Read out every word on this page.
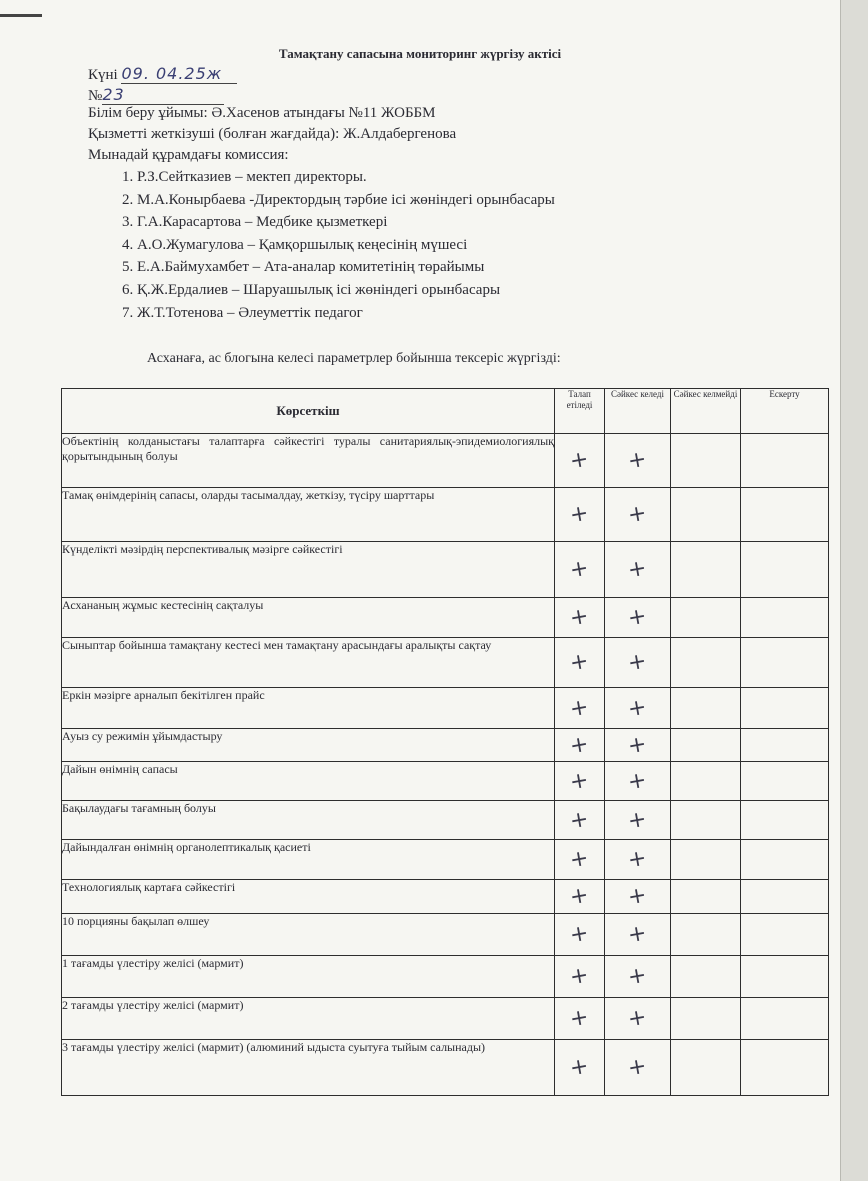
Тамақтану сапасына мониторинг жүргізу актісі
Күні 09. 04.25ж
№23
Білім беру ұйымы: Ә.Хасенов атындағы №11 ЖОББМ
Қызметті жеткізуші (болған жағдайда): Ж.Алдабергенова
Мынадай құрамдағы комиссия:
1. Р.З.Сейтказиев – мектеп директоры.
2. М.А.Конырбаева -Директордың тәрбие ісі жөніндегі орынбасары
3. Г.А.Карасартова – Медбике қызметкері
4. А.О.Жумагулова – Қамқоршылық кеңесінің мүшесі
5. Е.А.Баймухамбет – Ата-аналар комитетінің төрайымы
6. Қ.Ж.Ердалиев – Шаруашылық ісі жөніндегі орынбасары
7. Ж.Т.Тотенова – Әлеуметтік педагог
Асханаға, ас блогына келесі параметрлер бойынша тексеріс жүргізді:
Көрсеткіш	Талап етіледі	Сәйкес келеді	Сәйкес келмейді	Ескерту
Объектінің колданыстағы талаптарға сәйкестігі туралы санитариялық-эпидемиологиялық қорытындының болуы	+	+		
Тамақ өнімдерінің сапасы, оларды тасымалдау, жеткізу, түсіру шарттары	+	+		
Күнделікті мәзірдің перспективалық мәзірге сәйкестігі	+	+		
Асхананың жұмыс кестесінің сақталуы	+	+		
Сыныптар бойынша тамақтану кестесі мен тамақтану арасындағы аралықты сақтау	+	+		
Еркін мәзірге арналып бекітілген прайс	+	+		
Ауыз су режимін ұйымдастыру	+	+		
Дайын өнімнің сапасы	+	+		
Бақылаудағы тағамның болуы	+	+		
Дайындалған өнімнің органолептикалық қасиеті	+	+		
Технологиялық картаға сәйкестігі	+	+		
10 порцияны бақылап өлшеу	+	+		
1 тағамды үлестіру желісі (мармит)	+	+		
2 тағамды үлестіру желісі (мармит)	+	+		
3 тағамды үлестіру желісі (мармит) (алюминий ыдыста суытуға тыйым салынады)	+	+		
